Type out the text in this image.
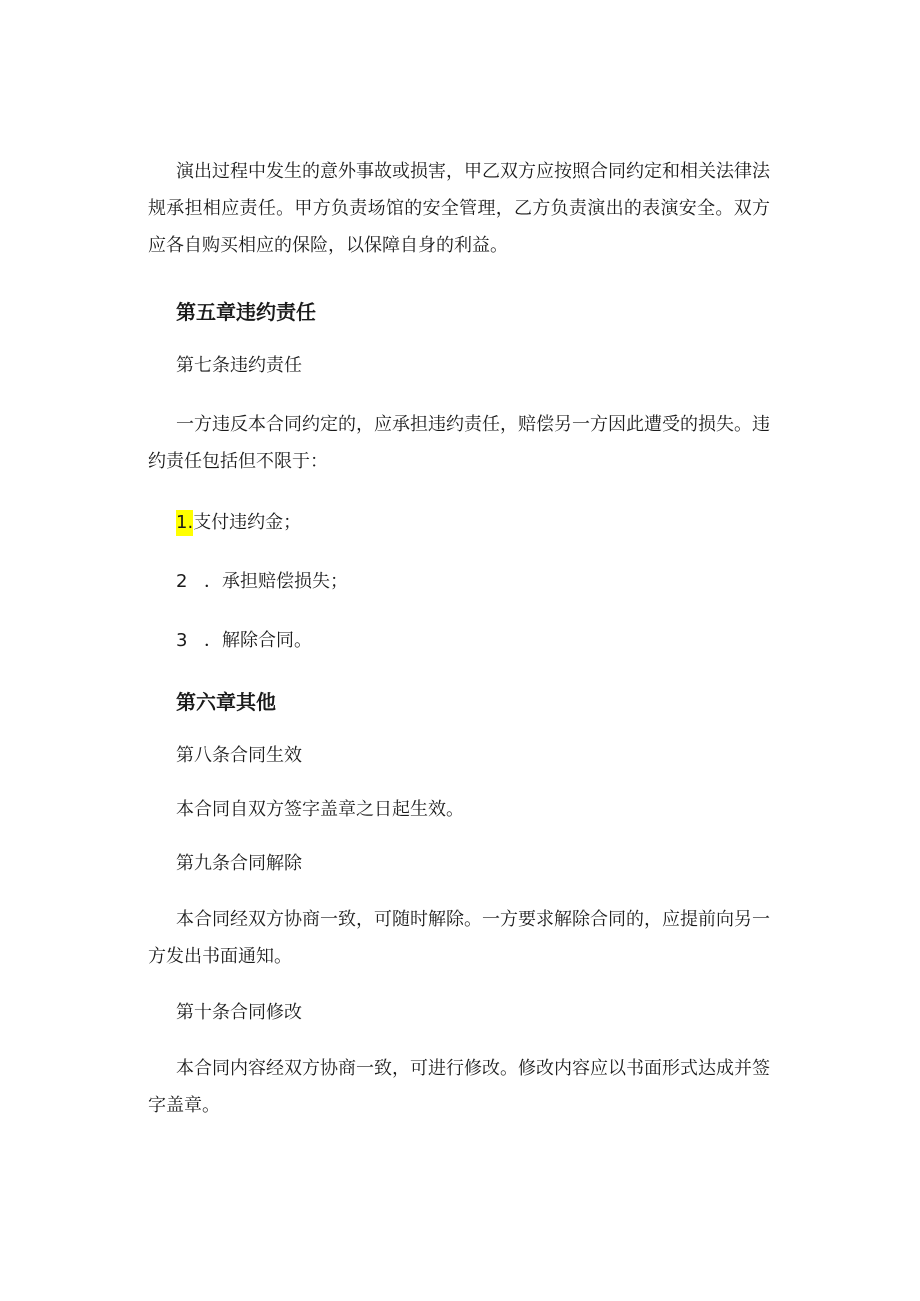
演出过程中发生的意外事故或损害，甲乙双方应按照合同约定和相关法律法规承担相应责任。甲方负责场馆的安全管理，乙方负责演出的表演安全。双方应各自购买相应的保险，以保障自身的利益。

第五章违约责任

第七条违约责任

一方违反本合同约定的，应承担违约责任，赔偿另一方因此遭受的损失。违约责任包括但不限于：

1.支付违约金；

2 ．承担赔偿损失；

3 ．解除合同。

第六章其他

第八条合同生效

本合同自双方签字盖章之日起生效。

第九条合同解除

本合同经双方协商一致，可随时解除。一方要求解除合同的，应提前向另一方发出书面通知。

第十条合同修改

本合同内容经双方协商一致，可进行修改。修改内容应以书面形式达成并签字盖章。
